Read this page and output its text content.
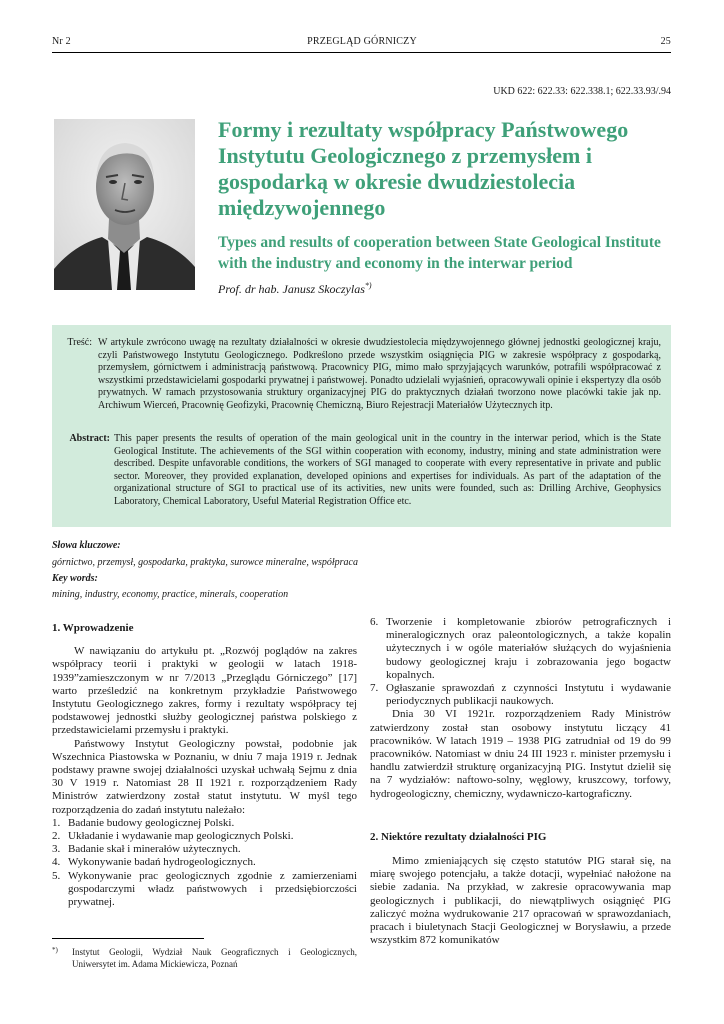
Nr 2	PRZEGLĄD GÓRNICZY	25
UKD 622: 622.33: 622.338.1; 622.33.93/.94
Formy i rezultaty współpracy Państwowego Instytutu Geologicznego z przemysłem i gospodarką w okresie dwudziestolecia międzywojennego
Types and results of cooperation between State Geological Institute with the industry and economy in the interwar period
Prof. dr hab. Janusz Skoczylas*)
Treść: W artykule zwrócono uwagę na rezultaty działalności w okresie dwudziestolecia międzywojennego głównej jednostki geologicznej kraju, czyli Państwowego Instytutu Geologicznego. Podkreślono przede wszystkim osiągnięcia PIG w zakresie współpracy z gospodarką, przemysłem, górnictwem i administracją państwową. Pracownicy PIG, mimo mało sprzyjających warunków, potrafili współpracować z wszystkimi przedstawicielami gospodarki prywatnej i państwowej. Ponadto udzielali wyjaśnień, opracowywali opinie i ekspertyzy dla osób prywatnych. W ramach przystosowania struktury organizacyjnej PIG do praktycznych działań tworzono nowe placówki takie jak np. Archiwum Wierceń, Pracownię Geofizyki, Pracownię Chemiczną, Biuro Rejestracji Materiałów Użytecznych itp.
Abstract: This paper presents the results of operation of the main geological unit in the country in the interwar period, which is the State Geological Institute. The achievements of the SGI within cooperation with economy, industry, mining and state administration were described. Despite unfavorable conditions, the workers of SGI managed to cooperate with every representative in private and public sector. Moreover, they provided explanation, developed opinions and expertises for individuals. As part of the adaptation of the organizational structure of SGI to practical use of its activities, new units were founded, such as: Drilling Archive, Geophysics Laboratory, Chemical Laboratory, Useful Material Registration Office etc.
Słowa kluczowe:
górnictwo, przemysł, gospodarka, praktyka, surowce mineralne, współpraca
Key words:
mining, industry, economy, practice, minerals, cooperation
1. Wprowadzenie

W nawiązaniu do artykułu pt. „Rozwój poglądów na zakres współpracy teorii i praktyki w geologii w latach 1918-1939”zamieszczonym w nr 7/2013 „Przeglądu Górniczego” [17] warto prześledzić na konkretnym przykładzie Państwowego Instytutu Geologicznego zakres, formy i rezultaty współpracy tej podstawowej jednostki służby geologicznej państwa polskiego z przedstawicielami przemysłu i praktyki.

Państwowy Instytut Geologiczny powstał, podobnie jak Wszechnica Piastowska w Poznaniu, w dniu 7 maja 1919 r. Jednak podstawy prawne swojej działalności uzyskał uchwałą Sejmu z dnia 30 V 1919 r. Natomiast 28 II 1921 r. rozporządzeniem Rady Ministrów zatwierdzony został statut instytutu. W myśl tego rozporządzenia do zadań instytutu należało:

1. Badanie budowy geologicznej Polski.
2. Układanie i wydawanie map geologicznych Polski.
3. Badanie skał i minerałów użytecznych.
4. Wykonywanie badań hydrogeologicznych.
5. Wykonywanie prac geologicznych zgodnie z zamierzeniami gospodarczymi władz państwowych i przedsiębiorczości prywatnej.
6. Tworzenie i kompletowanie zbiorów petrograficznych i mineralogicznych oraz paleontologicznych, a także kopalin użytecznych i w ogóle materiałów służących do wyjaśnienia budowy geologicznej kraju i zobrazowania jego bogactw kopalnych.
7. Ogłaszanie sprawozdań z czynności Instytutu i wydawanie periodycznych publikacji naukowych.

Dnia 30 VI 1921r. rozporządzeniem Rady Ministrów zatwierdzony został stan osobowy instytutu liczący 41 pracowników. W latach 1919 – 1938 PIG zatrudniał od 19 do 99 pracowników. Natomiast w dniu 24 III 1923 r. minister przemysłu i handlu zatwierdził strukturę organizacyjną PIG. Instytut dzielił się na 7 wydziałów: naftowo-solny, węglowy, kruszcowy, torfowy, hydrogeologiczny, chemiczny, wydawniczo-kartograficzny.

2. Niektóre rezultaty działalności PIG

Mimo zmieniających się często statutów PIG starał się, na miarę swojego potencjału, a także dotacji, wypełniać nałożone na siebie zadania. Na przykład, w zakresie opracowywania map geologicznych i publikacji, do niewątpliwych osiągnięć PIG zaliczyć można wydrukowanie 217 opracowań w sprawozdaniach, pracach i biuletynach Stacji Geologicznej w Borysławiu, a przede wszystkim 872 komunikatów

*) Instytut Geologii, Wydział Nauk Geograficznych i Geologicznych, Uniwersytet im. Adama Mickiewicza, Poznań
